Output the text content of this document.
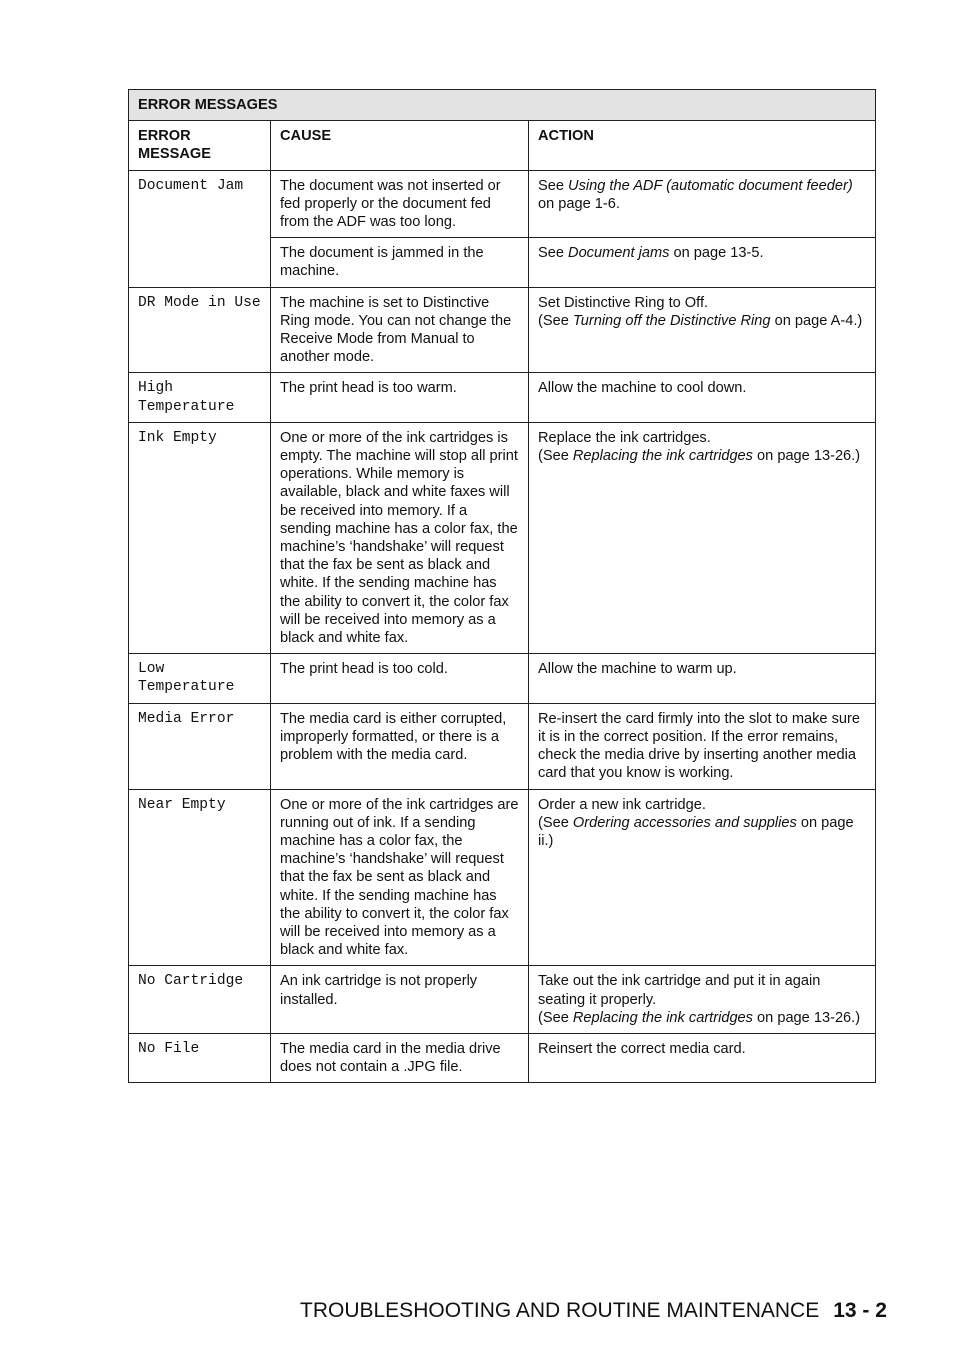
ERROR MESSAGES		
ERROR MESSAGE	CAUSE	ACTION
Document Jam	The document was not inserted or fed properly or the document fed from the ADF was too long.	See Using the ADF (automatic document feeder) on page 1-6.
	The document is jammed in the machine.	See Document jams on page 13-5.
DR Mode in Use	The machine is set to Distinctive Ring mode. You can not change the Receive Mode from Manual to another mode.	Set Distinctive Ring to Off.
(See Turning off the Distinctive Ring on page A-4.)
High Temperature	The print head is too warm.	Allow the machine to cool down.
Ink Empty	One or more of the ink cartridges is empty. The machine will stop all print operations. While memory is available, black and white faxes will be received into memory. If a sending machine has a color fax, the machine’s ‘handshake’ will request that the fax be sent as black and white. If the sending machine has the ability to convert it, the color fax will be received into memory as a black and white fax.	Replace the ink cartridges.
(See Replacing the ink cartridges on page 13-26.)
Low Temperature	The print head is too cold.	Allow the machine to warm up.
Media Error	The media card is either corrupted, improperly formatted, or there is a problem with the media card.	Re-insert the card firmly into the slot to make sure it is in the correct position. If the error remains, check the media drive by inserting another media card that you know is working.
Near Empty	One or more of the ink cartridges are running out of ink. If a sending machine has a color fax, the machine’s ‘handshake’ will request that the fax be sent as black and white. If the sending machine has the ability to convert it, the color fax will be received into memory as a black and white fax.	Order a new ink cartridge.
(See Ordering accessories and supplies on page ii.)
No Cartridge	An ink cartridge is not properly installed.	Take out the ink cartridge and put it in again seating it properly.
(See Replacing the ink cartridges on page 13-26.)
No File	The media card in the media drive does not contain a .JPG file.	Reinsert the correct media card.
TROUBLESHOOTING AND ROUTINE MAINTENANCE 13 - 2
